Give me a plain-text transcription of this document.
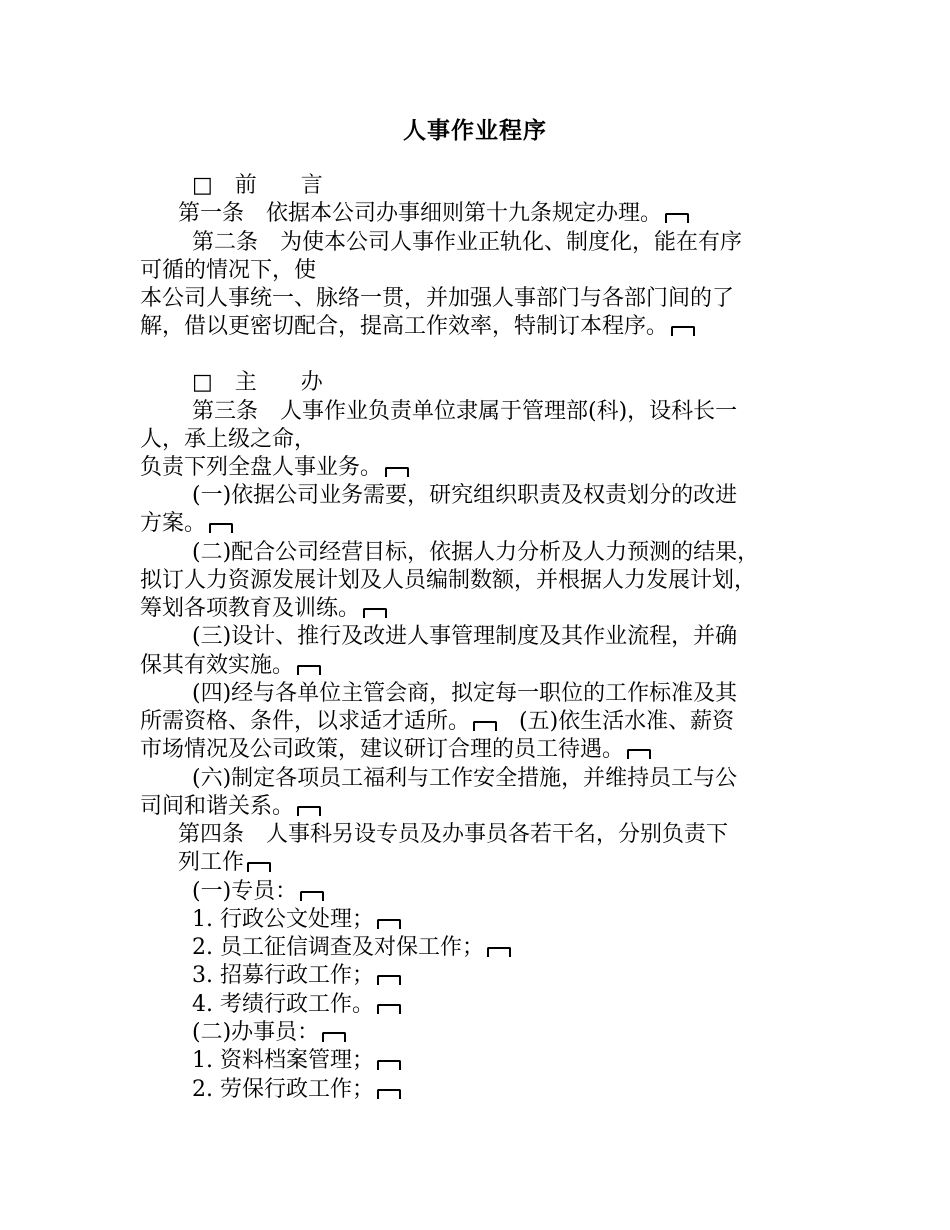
人事作业程序
□　前　　言
第一条　依据本公司办事细则第十九条规定办理。
第二条　为使本公司人事作业正轨化、制度化，能在有序
可循的情况下，使
本公司人事统一、脉络一贯，并加强人事部门与各部门间的了
解，借以更密切配合，提高工作效率，特制订本程序。
□　主　　办
第三条　人事作业负责单位隶属于管理部(科)，设科长一
人，承上级之命，
负责下列全盘人事业务。
(一)依据公司业务需要，研究组织职责及权责划分的改进
方案。
(二)配合公司经营目标，依据人力分析及人力预测的结果，
拟订人力资源发展计划及人员编制数额，并根据人力发展计划，
筹划各项教育及训练。
(三)设计、推行及改进人事管理制度及其作业流程，并确
保其有效实施。
(四)经与各单位主管会商，拟定每一职位的工作标准及其
所需资格、条件，以求适才适所。 (五)依生活水准、薪资
市场情况及公司政策，建议研订合理的员工待遇。
(六)制定各项员工福利与工作安全措施，并维持员工与公
司间和谐关系。
第四条　人事科另设专员及办事员各若干名，分别负责下
列工作
(一)专员：
1. 行政公文处理；
2. 员工征信调查及对保工作；
3. 招募行政工作；
4. 考绩行政工作。
(二)办事员：
1. 资料档案管理；
2. 劳保行政工作；
